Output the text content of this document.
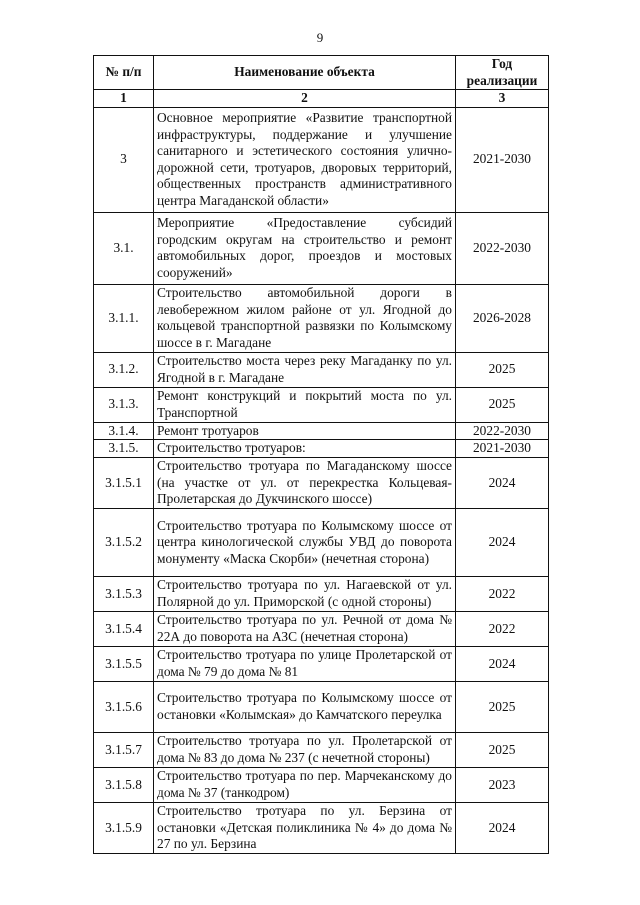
9
№ п/п	Наименование объекта	Год реализации
1	2	3
3	Основное мероприятие «Развитие транспортной инфраструктуры, поддержание и улучшение санитарного и эстетического состояния улично-дорожной сети, тротуаров, дворовых территорий, общественных пространств административного центра Магаданской области»	2021-2030
3.1.	Мероприятие «Предоставление субсидий городским округам на строительство и ремонт автомобильных дорог, проездов и мостовых сооружений»	2022-2030
3.1.1.	Строительство автомобильной дороги в левобережном жилом районе от ул. Ягодной до кольцевой транспортной развязки по Колымскому шоссе в г. Магадане	2026-2028
3.1.2.	Строительство моста через реку Магаданку по ул. Ягодной в г. Магадане	2025
3.1.3.	Ремонт конструкций и покрытий моста по ул. Транспортной	2025
3.1.4.	Ремонт тротуаров	2022-2030
3.1.5.	Строительство тротуаров:	2021-2030
3.1.5.1	Строительство тротуара по Магаданскому шоссе (на участке от ул. от перекрестка Кольцевая-Пролетарская до Дукчинского шоссе)	2024
3.1.5.2	Строительство тротуара по Колымскому шоссе от центра кинологической службы УВД до поворота монументу «Маска Скорби» (нечетная сторона)	2024
3.1.5.3	Строительство тротуара по ул. Нагаевской от ул. Полярной до ул. Приморской (с одной стороны)	2022
3.1.5.4	Строительство тротуара по ул. Речной от дома № 22А до поворота на АЗС (нечетная сторона)	2022
3.1.5.5	Строительство тротуара по улице Пролетарской от дома № 79 до дома № 81	2024
3.1.5.6	Строительство тротуара по Колымскому шоссе от остановки «Колымская» до Камчатского переулка	2025
3.1.5.7	Строительство тротуара по ул. Пролетарской от дома № 83 до дома № 237 (с нечетной стороны)	2025
3.1.5.8	Строительство тротуара по пер. Марчеканскому до дома № 37 (танкодром)	2023
3.1.5.9	Строительство тротуара по ул. Берзина от остановки «Детская поликлиника № 4» до дома № 27 по ул. Берзина	2024
